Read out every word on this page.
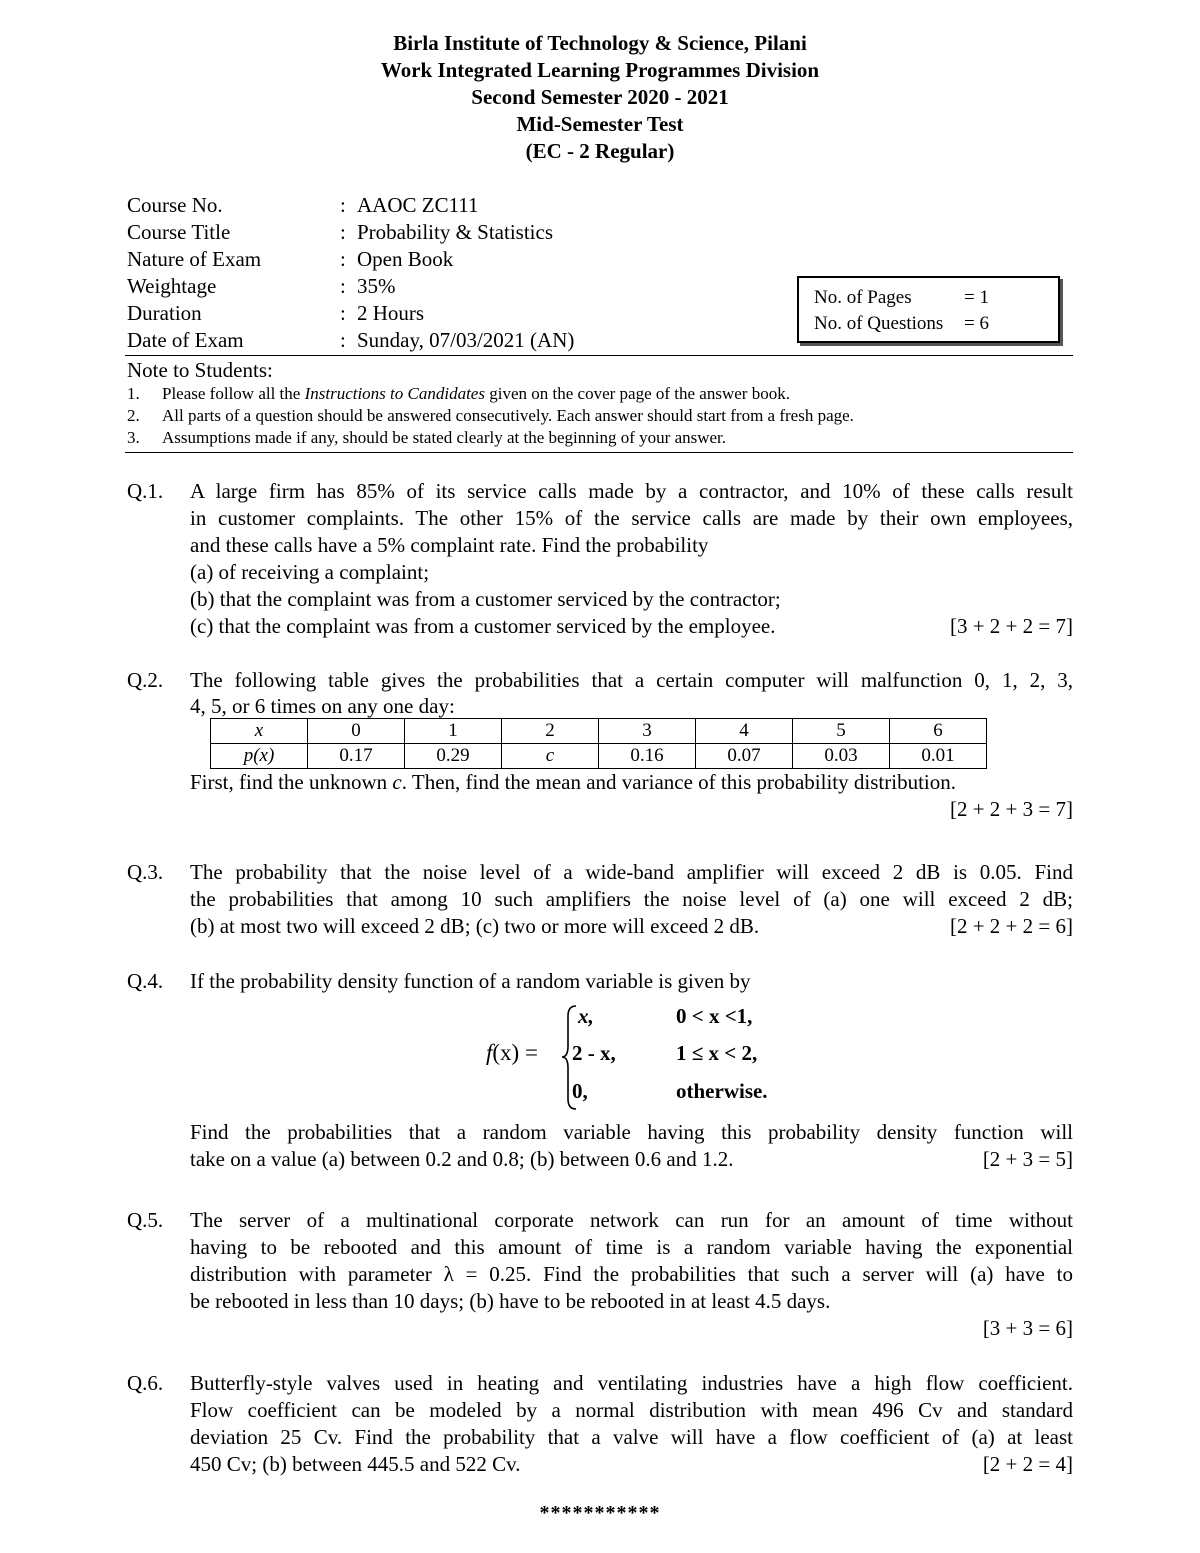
Birla Institute of Technology & Science, Pilani
Work Integrated Learning Programmes Division
Second Semester 2020 - 2021
Mid-Semester Test
(EC - 2 Regular)
Course No.	: AAOC ZC111
Course Title	: Probability & Statistics
Nature of Exam	: Open Book
Weightage	: 35%
Duration	: 2 Hours
Date of Exam	: Sunday, 07/03/2021 (AN)
No. of Pages	= 1
No. of Questions	= 6
Note to Students:
1.	Please follow all the Instructions to Candidates given on the cover page of the answer book.
2.	All parts of a question should be answered consecutively. Each answer should start from a fresh page.
3.	Assumptions made if any, should be stated clearly at the beginning of your answer.
Q.1. A large firm has 85% of its service calls made by a contractor, and 10% of these calls result
in customer complaints. The other 15% of the service calls are made by their own employees,
and these calls have a 5% complaint rate. Find the probability
(a) of receiving a complaint;
(b) that the complaint was from a customer serviced by the contractor;
(c) that the complaint was from a customer serviced by the employee.	[3 + 2 + 2 = 7]
Q.2. The following table gives the probabilities that a certain computer will malfunction 0, 1, 2, 3,
4, 5, or 6 times on any one day:
x	0	1	2	3	4	5	6
p(x)	0.17	0.29	c	0.16	0.07	0.03	0.01
First, find the unknown c. Then, find the mean and variance of this probability distribution.
[2 + 2 + 3 = 7]
Q.3. The probability that the noise level of a wide-band amplifier will exceed 2 dB is 0.05. Find
the probabilities that among 10 such amplifiers the noise level of (a) one will exceed 2 dB;
(b) at most two will exceed 2 dB; (c) two or more will exceed 2 dB.	[2 + 2 + 2 = 6]
Q.4. If the probability density function of a random variable is given by
f(x) =
x,	0 < x <1,
2 - x,	1 ≤ x < 2,
0,	otherwise.
Find the probabilities that a random variable having this probability density function will
take on a value (a) between 0.2 and 0.8; (b) between 0.6 and 1.2.	[2 + 3 = 5]
Q.5. The server of a multinational corporate network can run for an amount of time without
having to be rebooted and this amount of time is a random variable having the exponential
distribution with parameter λ = 0.25. Find the probabilities that such a server will (a) have to
be rebooted in less than 10 days; (b) have to be rebooted in at least 4.5 days.
[3 + 3 = 6]
Q.6. Butterfly-style valves used in heating and ventilating industries have a high flow coefficient.
Flow coefficient can be modeled by a normal distribution with mean 496 Cv and standard
deviation 25 Cv. Find the probability that a valve will have a flow coefficient of (a) at least
450 Cv; (b) between 445.5 and 522 Cv.	[2 + 2 = 4]
***********
